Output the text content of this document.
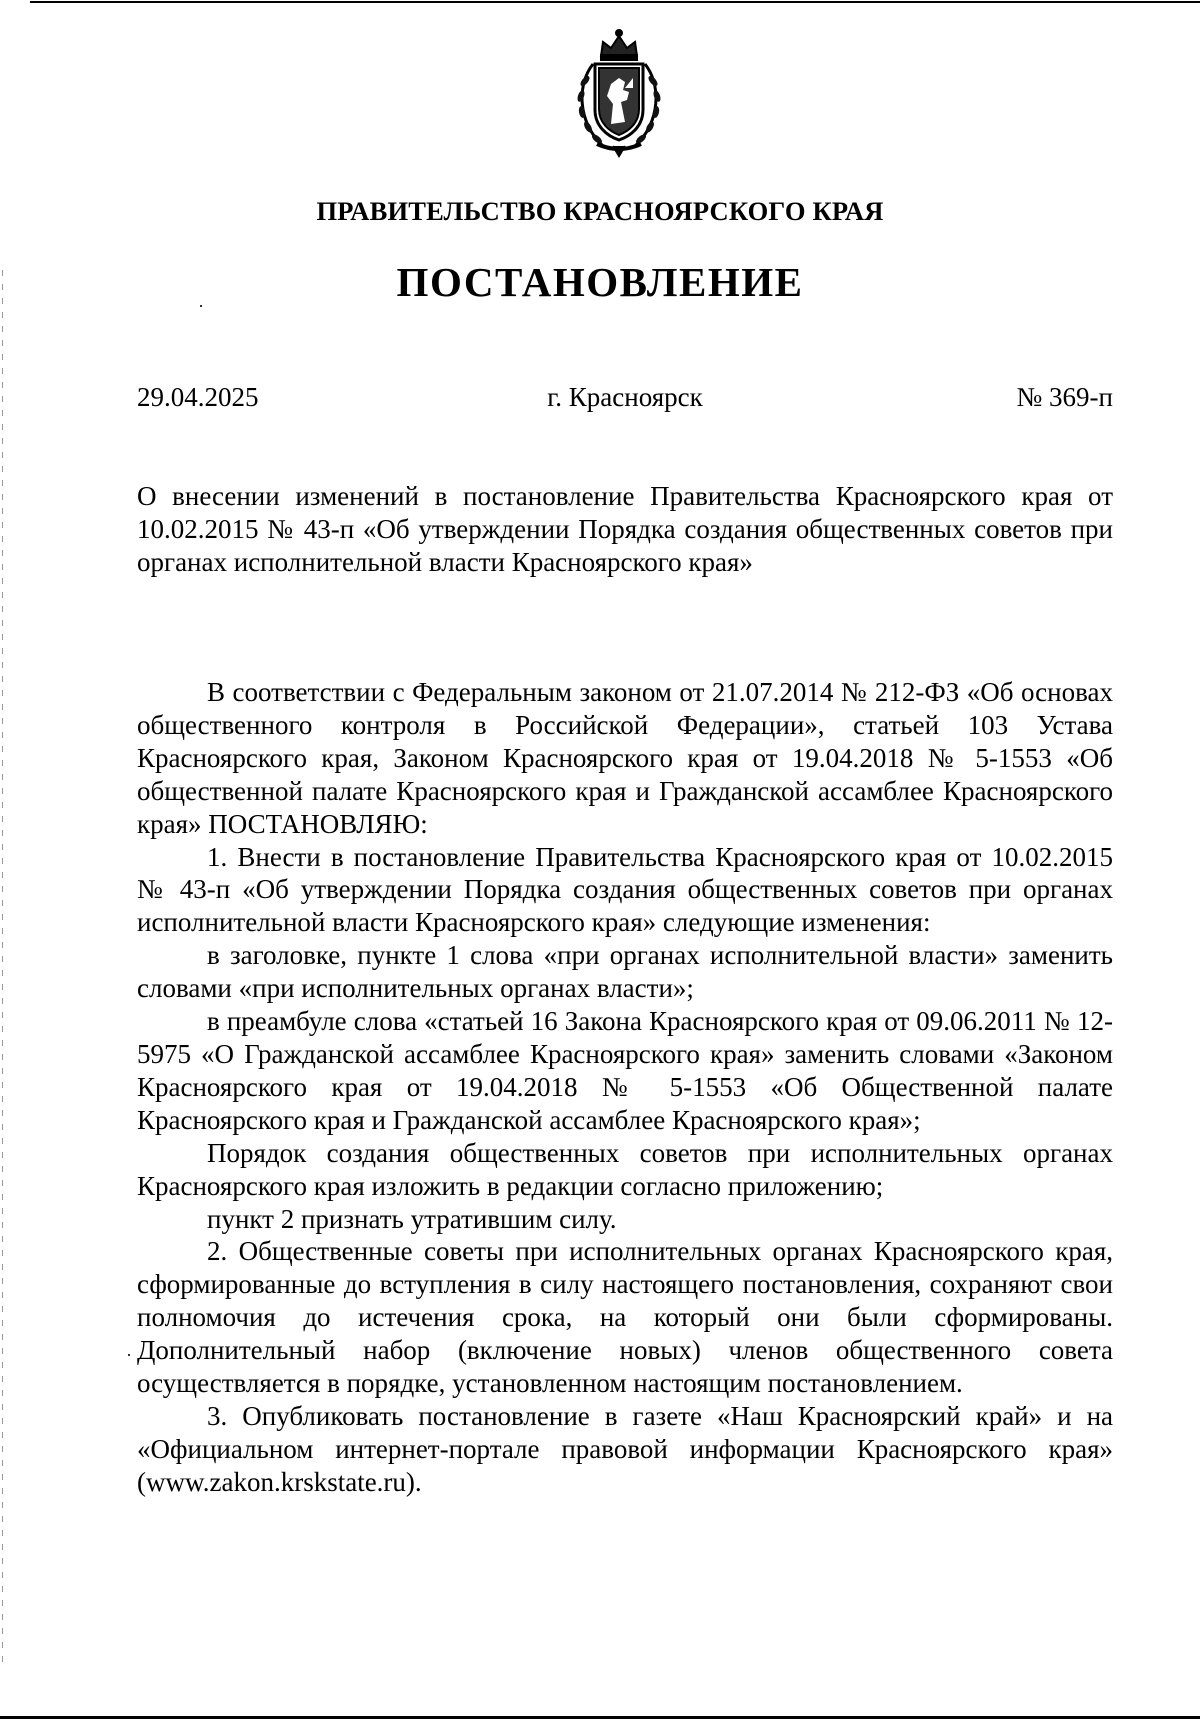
ПРАВИТЕЛЬСТВО КРАСНОЯРСКОГО КРАЯ
ПОСТАНОВЛЕНИЕ
г. Красноярск
29.04.2025	№ 369-п

О внесении изменений в постановление Правительства Красноярского края от 10.02.2015 № 43-п «Об утверждении Порядка создания общественных советов при органах исполнительной власти Красноярского края»

В соответствии с Федеральным законом от 21.07.2014 № 212-ФЗ «Об основах общественного контроля в Российской Федерации», статьей 103 Устава Красноярского края, Законом Красноярского края от 19.04.2018 № 5-1553 «Об общественной палате Красноярского края и Гражданской ассамблее Красноярского края» ПОСТАНОВЛЯЮ:

1. Внести в постановление Правительства Красноярского края от 10.02.2015 № 43-п «Об утверждении Порядка создания общественных советов при органах исполнительной власти Красноярского края» следующие изменения:

в заголовке, пункте 1 слова «при органах исполнительной власти» заменить словами «при исполнительных органах власти»;

в преамбуле слова «статьей 16 Закона Красноярского края от 09.06.2011 № 12-5975 «О Гражданской ассамблее Красноярского края» заменить словами «Законом Красноярского края от 19.04.2018 № 5-1553 «Об Общественной палате Красноярского края и Гражданской ассамблее Красноярского края»;

Порядок создания общественных советов при исполнительных органах Красноярского края изложить в редакции согласно приложению;

пункт 2 признать утратившим силу.

2. Общественные советы при исполнительных органах Красноярского края, сформированные до вступления в силу настоящего постановления, сохраняют свои полномочия до истечения срока, на который они были сформированы. Дополнительный набор (включение новых) членов общественного совета осуществляется в порядке, установленном настоящим постановлением.

3. Опубликовать постановление в газете «Наш Красноярский край» и на «Официальном интернет-портале правовой информации Красноярского края» (www.zakon.krskstate.ru).
